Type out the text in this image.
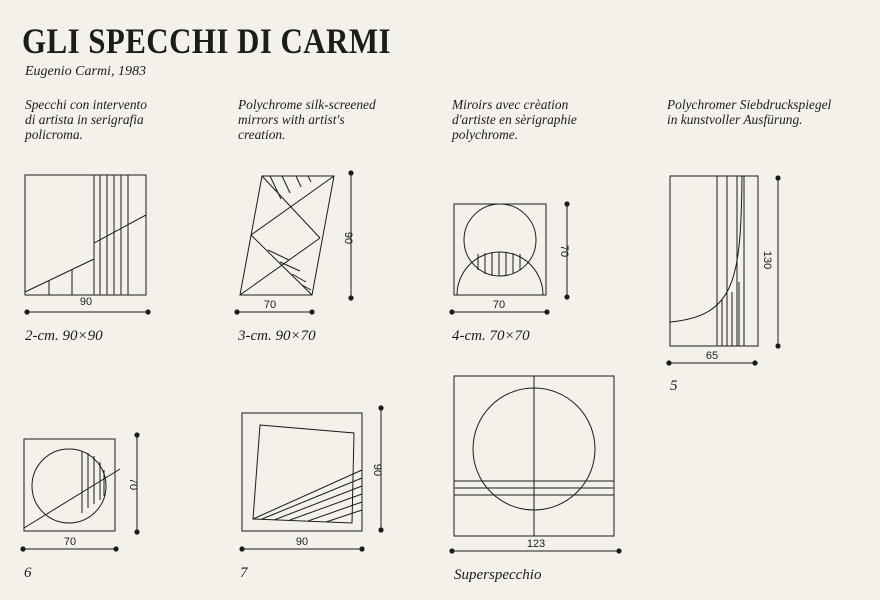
GLI SPECCHI DI CARMI
Eugenio Carmi, 1983
Specchi con intervento
di artista in serigrafia
policroma.
Polychrome silk-screened
mirrors with artist's
creation.
Miroirs avec crèation
d'artiste en sèrigraphie
polychrome.
Polychromer Siebdruckspiegel
in kunstvoller Ausfürung.
90	70
90
70
70
65
130
70
70
90
90
123
2-cm. 90×90	3-cm. 90×70	4-cm. 70×70
5
6	7	Superspecchio
